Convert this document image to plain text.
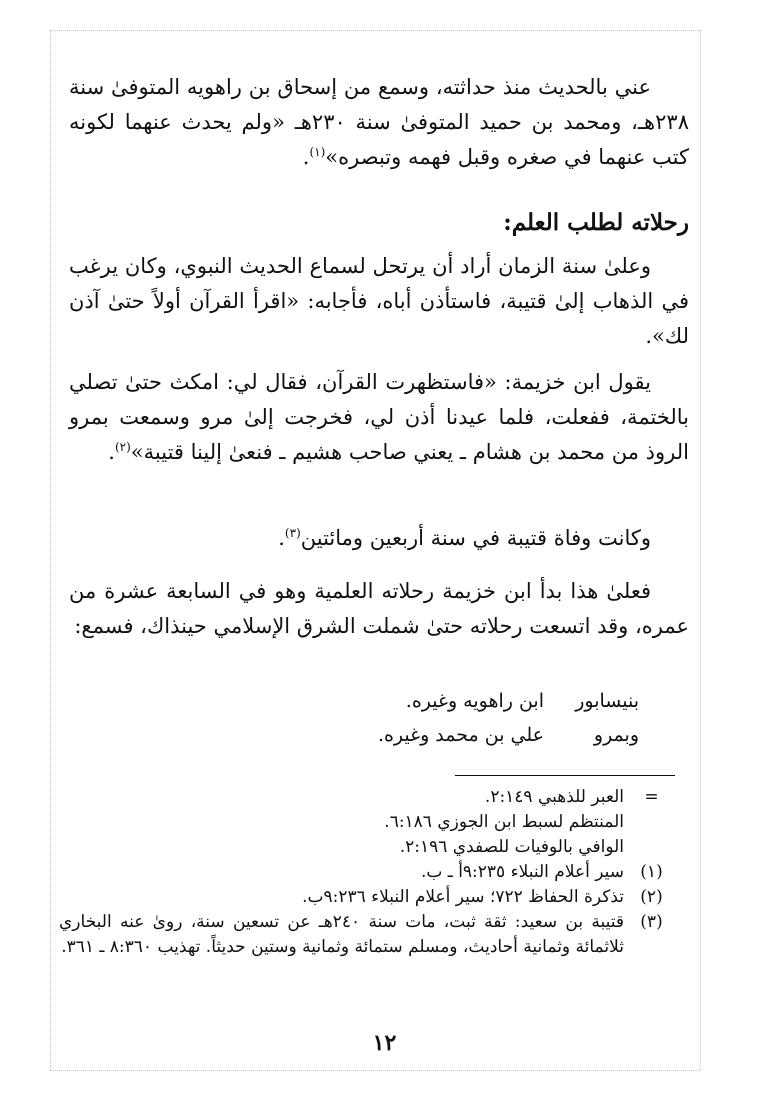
عني بالحديث منذ حداثته، وسمع من إسحاق بن راهويه المتوفىٰ سنة ٢٣٨هـ، ومحمد بن حميد المتوفىٰ سنة ٢٣٠هـ «ولم يحدث عنهما لكونه كتب عنهما في صغره وقبل فهمه وتبصره»$^{(١)}$.

رحلاته لطلب العلم:

وعلىٰ سنة الزمان أراد أن يرتحل لسماع الحديث النبوي، وكان يرغب في الذهاب إلىٰ قتيبة، فاستأذن أباه، فأجابه: «اقرأ القرآن أولاً حتىٰ آذن لك».

يقول ابن خزيمة: «فاستظهرت القرآن، فقال لي: امكث حتىٰ تصلي بالختمة، ففعلت، فلما عيدنا أذن لي، فخرجت إلىٰ مرو وسمعت بمرو الروذ من محمد بن هشام ـ يعني صاحب هشيم ـ فنعىٰ إلينا قتيبة»$^{(٢)}$.

وكانت وفاة قتيبة في سنة أربعين ومائتين$^{(٣)}$.

فعلىٰ هذا بدأ ابن خزيمة رحلاته العلمية وهو في السابعة عشرة من عمره، وقد اتسعت رحلاته حتىٰ شملت الشرق الإسلامي حينذاك، فسمع:

بنيسابور
ابن راهويه وغيره.
وبمرو
علي بن محمد وغيره.
=
العبر للذهبي ٢:١٤٩.
المنتظم لسبط ابن الجوزي ٦:١٨٦.
الوافي بالوفيات للصفدي ٢:١٩٦.
(١)
سير أعلام النبلاء ٩:٢٣٥أ ـ ب.
(٢)
تذكرة الحفاظ ٧٢٢؛ سير أعلام النبلاء ٩:٢٣٦ب.
(٣)
قتيبة بن سعيد: ثقة ثبت، مات سنة ٢٤٠هـ عن تسعين سنة، روىٰ عنه البخاري ثلاثمائة وثمانية أحاديث، ومسلم ستمائة وثمانية وستين حديثاً. تهذيب ٨:٣٦٠ ـ ٣٦١.
١٢
